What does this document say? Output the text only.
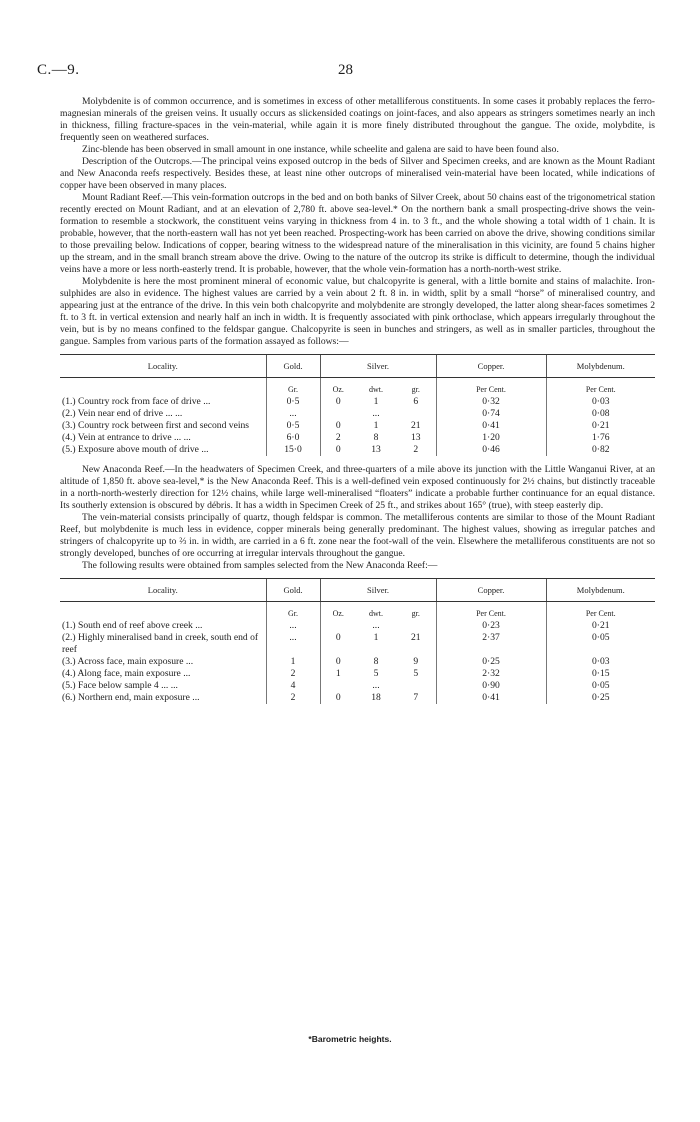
C.—9.	28

Molybdenite is of common occurrence, and is sometimes in excess of other metalliferous constituents. In some cases it probably replaces the ferro-magnesian minerals of the greisen veins. It usually occurs as slickensided coatings on joint-faces, and also appears as stringers sometimes nearly an inch in thickness, filling fracture-spaces in the vein-material, while again it is more finely distributed throughout the gangue. The oxide, molybdite, is frequently seen on weathered surfaces.

Zinc-blende has been observed in small amount in one instance, while scheelite and galena are said to have been found also.

Description of the Outcrops.—The principal veins exposed outcrop in the beds of Silver and Specimen creeks, and are known as the Mount Radiant and New Anaconda reefs respectively. Besides these, at least nine other outcrops of mineralised vein-material have been located, while indications of copper have been observed in many places.

Mount Radiant Reef.—This vein-formation outcrops in the bed and on both banks of Silver Creek, about 50 chains east of the trigonometrical station recently erected on Mount Radiant, and at an elevation of 2,780 ft. above sea-level.* On the northern bank a small prospecting-drive shows the vein-formation to resemble a stockwork, the constituent veins varying in thickness from 4 in. to 3 ft., and the whole showing a total width of 1 chain. It is probable, however, that the north-eastern wall has not yet been reached. Prospecting-work has been carried on above the drive, showing conditions similar to those prevailing below. Indications of copper, bearing witness to the widespread nature of the mineralisation in this vicinity, are found 5 chains higher up the stream, and in the small branch stream above the drive. Owing to the nature of the outcrop its strike is difficult to determine, though the individual veins have a more or less north-easterly trend. It is probable, however, that the whole vein-formation has a north-north-west strike.

Molybdenite is here the most prominent mineral of economic value, but chalcopyrite is general, with a little bornite and stains of malachite. Iron-sulphides are also in evidence. The highest values are carried by a vein about 2 ft. 8 in. in width, split by a small “horse” of mineralised country, and appearing just at the entrance of the drive. In this vein both chalcopyrite and molybdenite are strongly developed, the latter along shear-faces sometimes 2 ft. to 3 ft. in vertical extension and nearly half an inch in width. It is frequently associated with pink orthoclase, which appears irregularly throughout the vein, but is by no means confined to the feldspar gangue. Chalcopyrite is seen in bunches and stringers, as well as in smaller particles, throughout the gangue. Samples from various parts of the formation assayed as follows:—

Locality.	Gold.	Silver.			Copper.	Molybdenum.
	Gr.	Oz.	dwt.	gr.	Per Cent.	Per Cent.
(1.) Country rock from face of drive ...	0·5	0	1	6	0·32	0·03
(2.) Vein near end of drive ... ...	...		...		0·74	0·08
(3.) Country rock between first and second veins	0·5	0	1	21	0·41	0·21
(4.) Vein at entrance to drive ... ...	6·0	2	8	13	1·20	1·76
(5.) Exposure above mouth of drive ...	15·0	0	13	2	0·46	0·82

New Anaconda Reef.—In the headwaters of Specimen Creek, and three-quarters of a mile above its junction with the Little Wanganui River, at an altitude of 1,850 ft. above sea-level,* is the New Anaconda Reef. This is a well-defined vein exposed continuously for 2½ chains, but distinctly traceable in a north-north-westerly direction for 12½ chains, while large well-mineralised “floaters” indicate a probable further continuance for an equal distance. Its southerly extension is obscured by débris. It has a width in Specimen Creek of 25 ft., and strikes about 165° (true), with steep easterly dip.

The vein-material consists principally of quartz, though feldspar is common. The metalliferous contents are similar to those of the Mount Radiant Reef, but molybdenite is much less in evidence, copper minerals being generally predominant. The highest values, showing as irregular patches and stringers of chalcopyrite up to ⅔ in. in width, are carried in a 6 ft. zone near the foot-wall of the vein. Elsewhere the metalliferous constituents are not so strongly developed, bunches of ore occurring at irregular intervals throughout the gangue.

The following results were obtained from samples selected from the New Anaconda Reef:—

Locality.	Gold.	Silver.			Copper.	Molybdenum.
	Gr.	Oz.	dwt.	gr.	Per Cent.	Per Cent.
(1.) South end of reef above creek ...	...		...		0·23	0·21
(2.) Highly mineralised band in creek, south end of reef	...	0	1	21	2·37	0·05
(3.) Across face, main exposure ...	1	0	8	9	0·25	0·03
(4.) Along face, main exposure ...	2	1	5	5	2·32	0·15
(5.) Face below sample 4 ... ...	4		...		0·90	0·05
(6.) Northern end, main exposure ...	2	0	18	7	0·41	0·25
*Barometric heights.
